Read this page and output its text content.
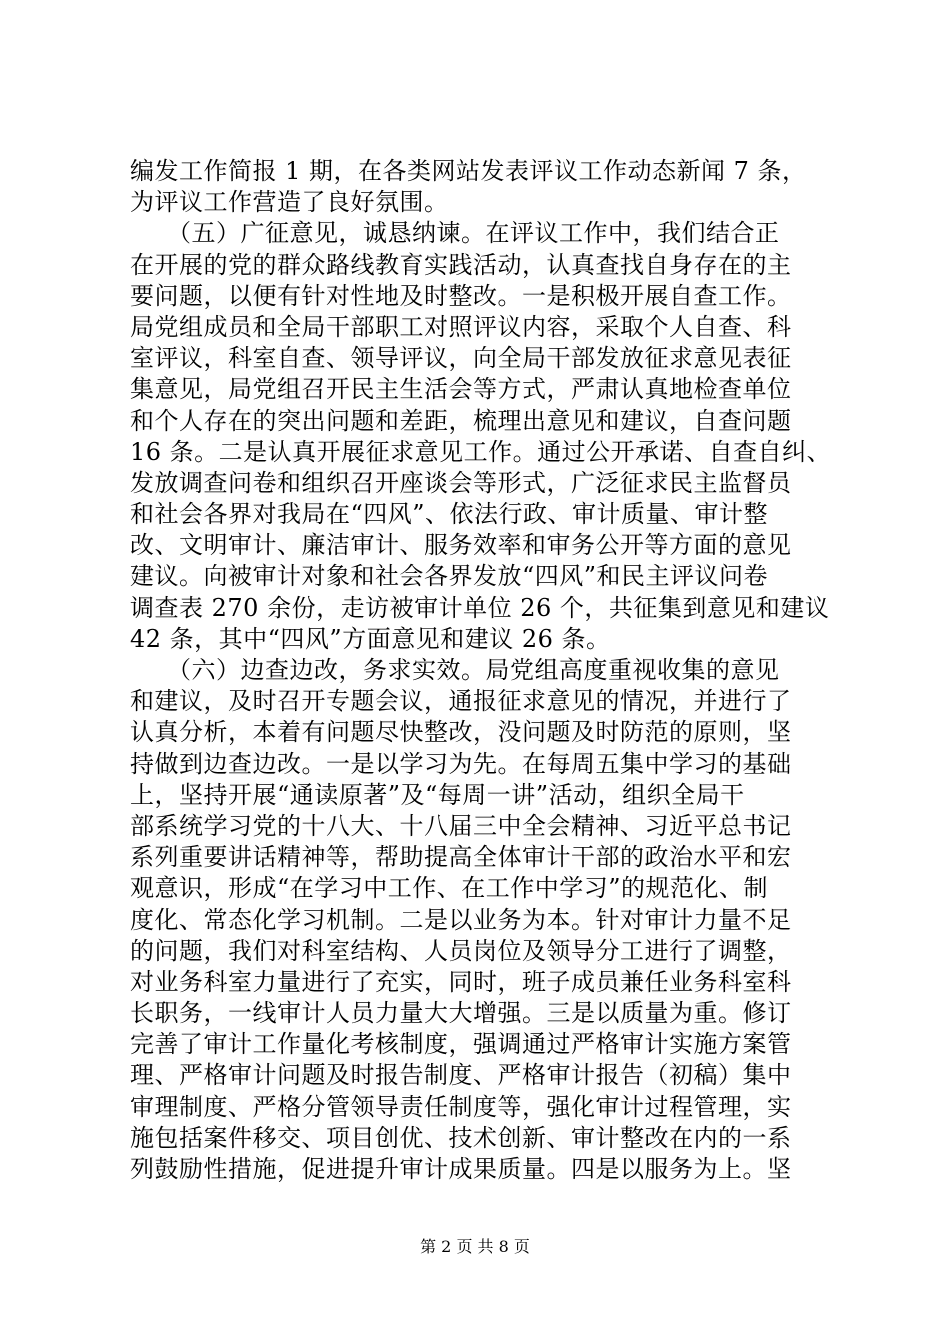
编发工作简报 1 期，在各类网站发表评议工作动态新闻 7 条，
为评议工作营造了良好氛围。
　　（五）广征意见，诚恳纳谏。在评议工作中，我们结合正
在开展的党的群众路线教育实践活动，认真查找自身存在的主
要问题，以便有针对性地及时整改。一是积极开展自查工作。
局党组成员和全局干部职工对照评议内容，采取个人自查、科
室评议，科室自查、领导评议，向全局干部发放征求意见表征
集意见，局党组召开民主生活会等方式，严肃认真地检查单位
和个人存在的突出问题和差距，梳理出意见和建议，自查问题
16 条。二是认真开展征求意见工作。通过公开承诺、自查自纠、
发放调查问卷和组织召开座谈会等形式，广泛征求民主监督员
和社会各界对我局在“四风”、依法行政、审计质量、审计整
改、文明审计、廉洁审计、服务效率和审务公开等方面的意见
建议。向被审计对象和社会各界发放“四风”和民主评议问卷
调查表 270 余份，走访被审计单位 26 个，共征集到意见和建议
42 条，其中“四风”方面意见和建议 26 条。
　　（六）边查边改，务求实效。局党组高度重视收集的意见
和建议，及时召开专题会议，通报征求意见的情况，并进行了
认真分析，本着有问题尽快整改，没问题及时防范的原则，坚
持做到边查边改。一是以学习为先。在每周五集中学习的基础
上，坚持开展“通读原著”及“每周一讲”活动，组织全局干
部系统学习党的十八大、十八届三中全会精神、习近平总书记
系列重要讲话精神等，帮助提高全体审计干部的政治水平和宏
观意识，形成“在学习中工作、在工作中学习”的规范化、制
度化、常态化学习机制。二是以业务为本。针对审计力量不足
的问题，我们对科室结构、人员岗位及领导分工进行了调整，
对业务科室力量进行了充实，同时，班子成员兼任业务科室科
长职务，一线审计人员力量大大增强。三是以质量为重。修订
完善了审计工作量化考核制度，强调通过严格审计实施方案管
理、严格审计问题及时报告制度、严格审计报告（初稿）集中
审理制度、严格分管领导责任制度等，强化审计过程管理，实
施包括案件移交、项目创优、技术创新、审计整改在内的一系
列鼓励性措施，促进提升审计成果质量。四是以服务为上。坚
第 2 页 共 8 页
